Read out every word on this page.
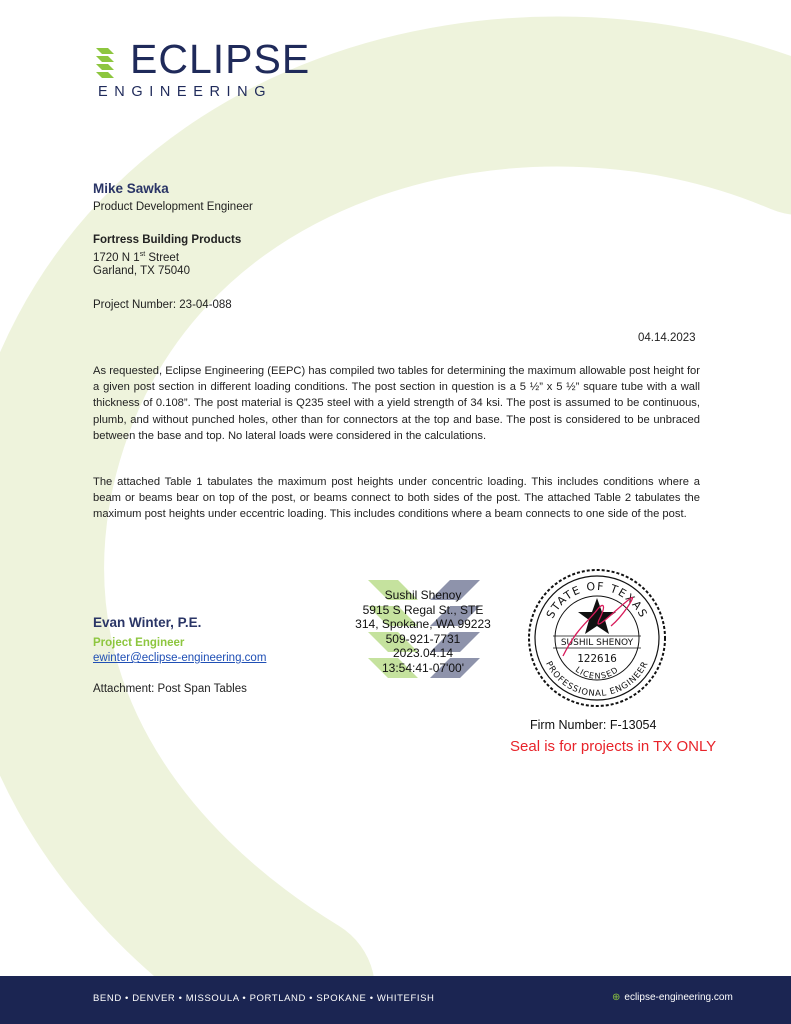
ECLIPSE
ENGINEERING
Mike Sawka
Product Development Engineer
Fortress Building Products
1720 N 1st Street
Garland, TX 75040
Project Number: 23-04-088
04.14.2023
As requested, Eclipse Engineering (EEPC) has compiled two tables for determining the maximum allowable post height for a given post section in different loading conditions. The post section in question is a 5 ½” x 5 ½” square tube with a wall thickness of 0.108”. The post material is Q235 steel with a yield strength of 34 ksi. The post is assumed to be continuous, plumb, and without punched holes, other than for connectors at the top and base. The post is considered to be unbraced between the base and top. No lateral loads were considered in the calculations.
The attached Table 1 tabulates the maximum post heights under concentric loading. This includes conditions where a beam or beams bear on top of the post, or beams connect to both sides of the post. The attached Table 2 tabulates the maximum post heights under eccentric loading. This includes conditions where a beam connects to one side of the post.
Evan Winter, P.E.
Project Engineer
ewinter@eclipse-engineering.com
Attachment: Post Span Tables
Sushil Shenoy
5915 S Regal St., STE
314, Spokane, WA 99223
509-921-7731
2023.04.14
13:54:41-07'00'
STATE OF TEXAS
PROFESSIONAL ENGINEER
LICENSED
SUSHIL SHENOY
122616
Firm Number: F-13054
Seal is for projects in TX ONLY
BEND • DENVER • MISSOULA • PORTLAND • SPOKANE • WHITEFISH	⊕ eclipse-engineering.com
